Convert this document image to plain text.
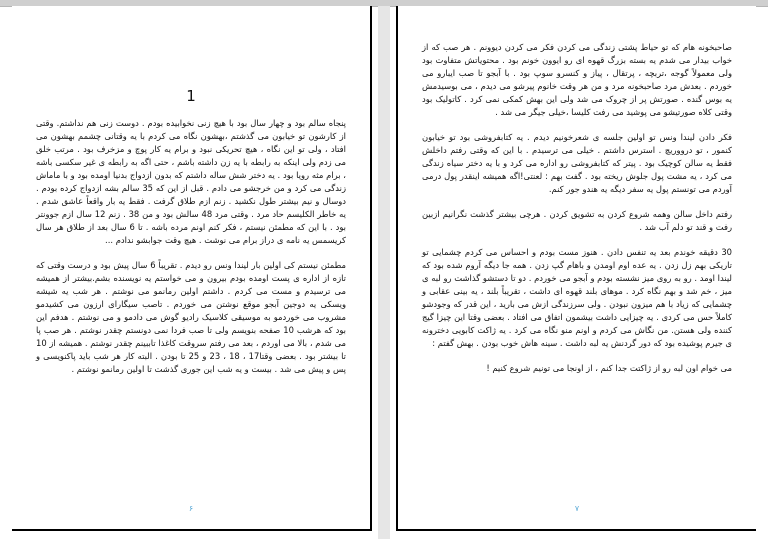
1

پنجاه سالم بود و چهار سال بود با هیچ زنی نخوابیده بودم . دوست زنی هم نداشتم. وقتی از کارشون تو خیابون می گذشتم ،بهشون نگاه می کردم با یه وقتانی چشمم بهشون می افتاد ، ولی تو این نگاه ، هیچ تحریکی نبود و برام یه کار پوچ و مزخرف بود . مرتب خلق می زدم ولی اینکه به رابطه با یه زن داشته باشم ، حتی اگه به رابطه ی غیر سکسی باشه ، برام مثه رویا بود . یه دختر شش ساله داشتم که بدون ازدواج بدنیا اومده بود و با ماماش زندگی می کرد و من خرجشو می دادم . قبل از این که 35 سالم بشه ازدواج کرده بودم . دوسال و نیم بیشتر طول نکشید . زنم ازم طلاق گرفت . فقط یه بار واقعاً عاشق شدم . یه خاطر الکلیسم حاد مرد . وقتی مرد 48 سالش بود و من 38 . زنم 12 سال ازم جوونتر بود . با این که مطمئن نیستم ، فکر کنم اونم مرده باشه . تا 6 سال بعد از طلاق هر سال کریسمس یه نامه ی دراز برام می نوشت . هیچ وقت جوابشو ندادم ...

مطمئن نیستم کی اولین بار لیندا ونس رو دیدم . تقریباً 6 سال پیش بود و درست وقتی که تازه از اداره ی پست اومده بودم بیرون و می خواستم یه نویسنده بشم.بیشتر از همیشه می ترسیدم و مست می کردم . داشتم اولین رمانمو می نوشتم . هر شب یه شیشه ویسکی یه دوجین آبجو موقع نوشتن می خوردم . تاصب سیگارای ارزون می کشیدمو مشروب می خوردمو به موسیقی کلاسیک رادیو گوش می دادمو و می نوشتم . هدفم این بود که هرشب 10 صفحه بنویسم ولی تا صب فردا نمی دونستم چقدر نوشتم . هر صب پا می شدم ، بالا می اوردم ، بعد می رفتم سروقت کاغذا تاببینم چقدر نوشتم . همیشه از 10 تا بیشتر بود . بعضی وقتا17 ، 18 ، 23 و 25 تا بودن . البته کار هر شب باید پاکنویسی و پس و پیش می شد . بیست و یه شب این جوری گذشت تا اولین رمانمو نوشتم .

۶

صاحبخونه هام که تو حیاط پشتی زندگی می کردن فکر می کردن دیوونم . هر صب که از خواب بیدار می شدم یه بسته بزرگ قهوه ای رو ایوون خونم بود . محتویاتش متفاوت بود ولی معمولاً گوجه ،تربچه ، پرتقال ، پیاز و کنسرو سوپ بود . با آبجو تا صب ایبارو می خوردم . بعدش مرد صاحبخونه مرد و من هر وقت خانوم پیرشو می دیدم ، می بوسیدمش یه بوس گنده . صورتش پر از چروک می شد ولی این بهش کمکی نمی کرد . کاتولیک بود وقتی کلاه صورتیشو می پوشید می رفت کلیسا ،خیلی جیگر می شد .

فکر دادن لیندا ونس تو اولین جلسه ی شعرخونیم دیدم . یه کتابفروشی بود تو خیابون کنمور ، تو درووریچ . استرس داشتم . خیلی می ترسیدم . با این که وقتی رفتم داخلش فقط یه سالن کوچیک بود . پیتر که کتابفروشی رو اداره می کرد و با یه دختر سیاه زندگی می کرد ، یه مشت پول جلوش ریخته بود . گفت بهم : لعنتی!اگه همیشه اینقدر پول درمی آوردم می تونستم پول یه سفر دیگه یه هندو جور کنم.

رفتم داخل سالن وهمه شروع کردن به تشویق کردن . هرچی بیشتر گذشت نگرانیم ازبین رفت و قند تو دلم آب شد .

30 دقیقه خوندم بعد یه تنفس دادن . هنوز مست بودم و احساس می کردم چشمایی تو تاریکی بهم زل زدن . یه عده اوم اومدن و باهام گپ زدن . همه جا دیگه آروم شده بود که لیندا اومد . رو به روی میز نشسته بودم و آبجو می خوردم . دو تا دستشو گذاشت رو لبه ی میز ، خم شد و بهم نگاه کرد . موهای بلند قهوه ای داشت ، تقریباً بلند ، یه بینی عقابی و چشمایی که زیاد با هم میزون نبودن . ولی سرزندگی ازش می بارید ، این قدر که وجودشو کاملاً حس می کردی . یه چیزایی داشت بیشمون اتفاق می افتاد . بعضی وقتا این چیزا گیج کننده ولی هستن. من نگاش می کردم و اونم منو نگاه می کرد . یه ژاکت کابویی دخترونه ی جیرم پوشیده بود که دور گردنش یه لبه داشت . سینه هاش خوب بودن . بهش گفتم :

می خوام اون لبه رو از ژاکتت جدا کنم ، از اونجا می تونیم شروع کنیم !

۷
